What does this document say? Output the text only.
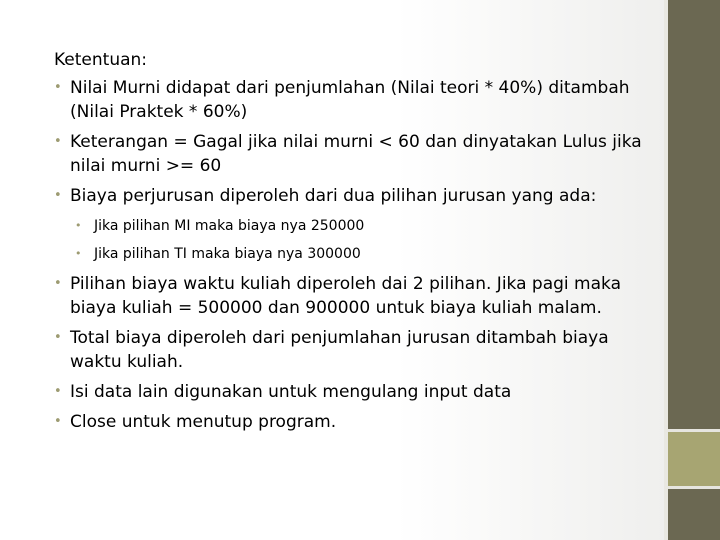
Ketentuan:

• Nilai Murni didapat dari penjumlahan (Nilai teori * 40%) ditambah (Nilai Praktek * 60%)
• Keterangan = Gagal jika nilai murni < 60 dan dinyatakan Lulus jika nilai murni >= 60
• Biaya perjurusan diperoleh dari dua pilihan jurusan yang ada:
• Jika pilihan MI maka biaya nya 250000
• Jika pilihan TI maka biaya nya 300000
• Pilihan biaya waktu kuliah diperoleh dai 2 pilihan. Jika pagi maka biaya kuliah = 500000 dan 900000 untuk biaya kuliah malam.
• Total biaya diperoleh dari penjumlahan jurusan ditambah biaya waktu kuliah.
• Isi data lain digunakan untuk mengulang input data
• Close untuk menutup program.
